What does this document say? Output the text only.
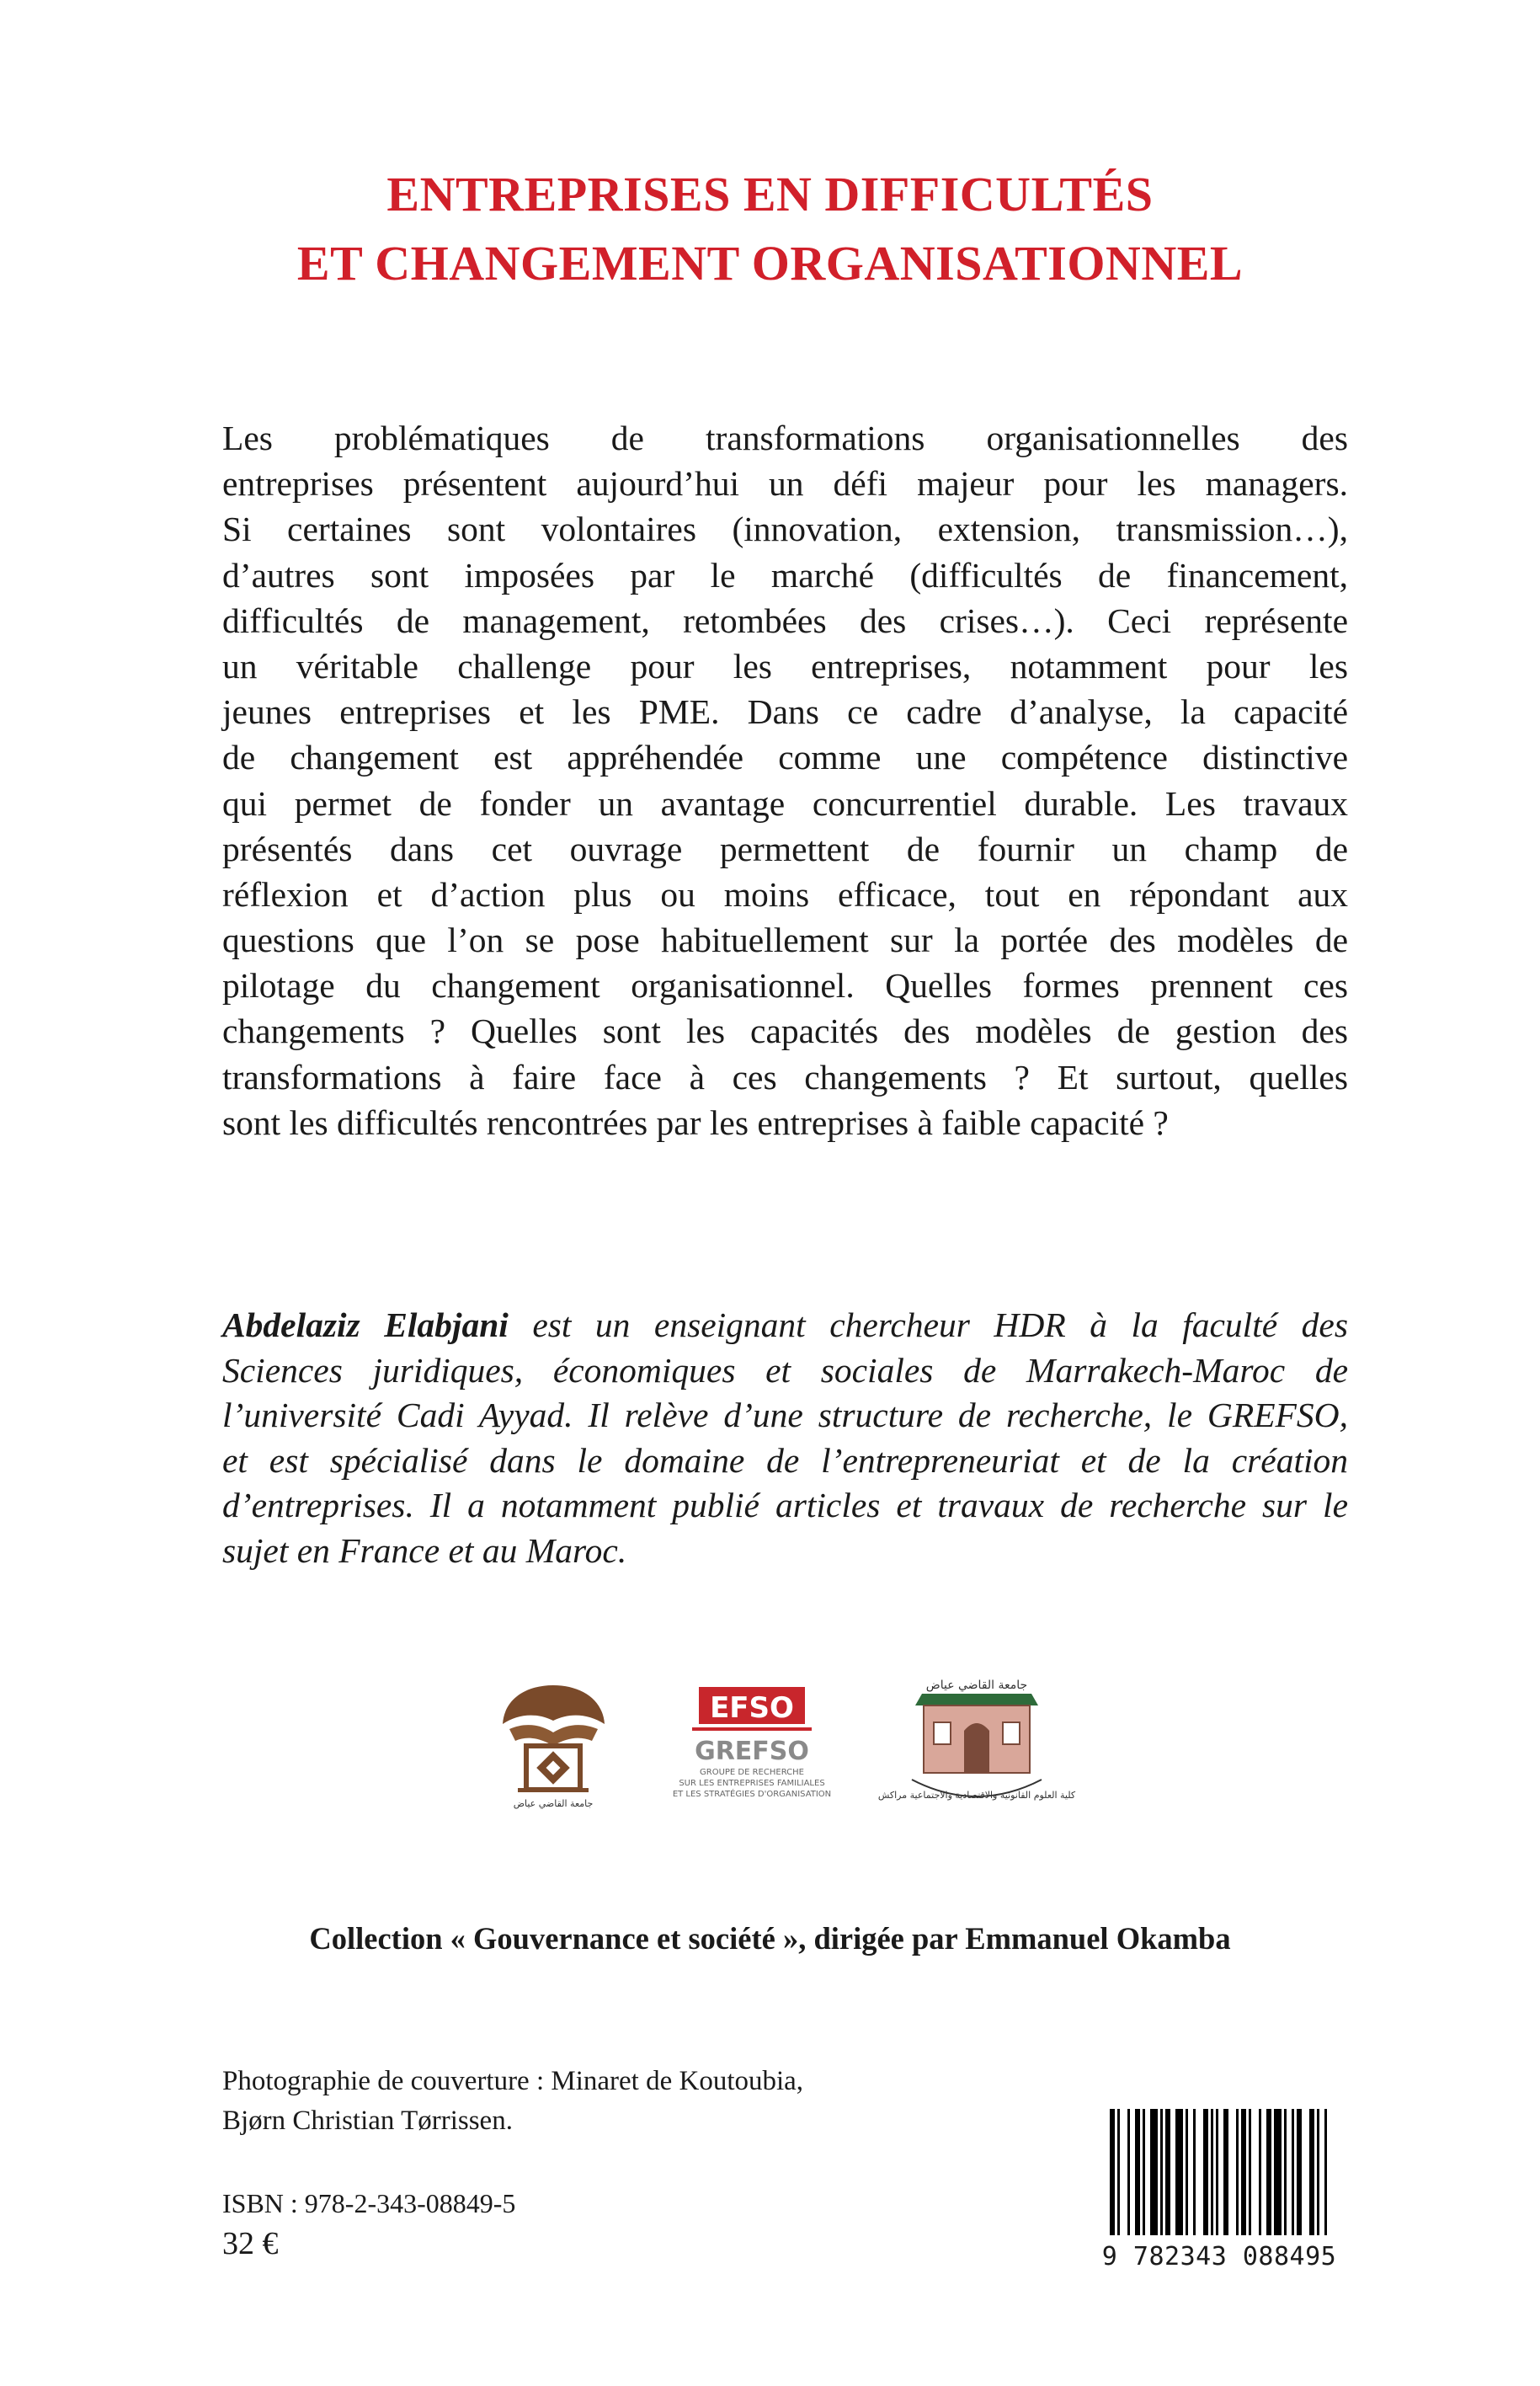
ENTREPRISES EN DIFFICULTÉS
ET CHANGEMENT ORGANISATIONNEL
Les problématiques de transformations organisationnelles des
entreprises présentent aujourd’hui un défi majeur pour les managers.
Si certaines sont volontaires (innovation, extension, transmission…),
d’autres sont imposées par le marché (difficultés de financement,
difficultés de management, retombées des crises…). Ceci représente
un véritable challenge pour les entreprises, notamment pour les
jeunes entreprises et les PME. Dans ce cadre d’analyse, la capacité
de changement est appréhendée comme une compétence distinctive
qui permet de fonder un avantage concurrentiel durable. Les travaux
présentés dans cet ouvrage permettent de fournir un champ de
réflexion et d’action plus ou moins efficace, tout en répondant aux
questions que l’on se pose habituellement sur la portée des modèles de
pilotage du changement organisationnel. Quelles formes prennent ces
changements ? Quelles sont les capacités des modèles de gestion des
transformations à faire face à ces changements ? Et surtout, quelles
sont les difficultés rencontrées par les entreprises à faible capacité ?
Abdelaziz Elabjani est un enseignant chercheur HDR à la faculté des
Sciences juridiques, économiques et sociales de Marrakech-Maroc de
l’université Cadi Ayyad. Il relève d’une structure de recherche, le GREFSO,
et est spécialisé dans le domaine de l’entrepreneuriat et de la création
d’entreprises. Il a notamment publié articles et travaux de recherche sur le
sujet en France et au Maroc.
جامعة القاضي عياض
EFSO
GREFSO
GROUPE DE RECHERCHE
SUR LES ENTREPRISES FAMILIALES
ET LES STRATÉGIES D'ORGANISATION
جامعة القاضي عياض
كلية العلوم القانونية والاقتصادية والاجتماعية مراكش
Collection « Gouvernance et société », dirigée par Emmanuel Okamba
Photographie de couverture : Minaret de Koutoubia,
Bjørn Christian Tørrissen.
ISBN : 978-2-343-08849-5
32 €	9 782343 088495
